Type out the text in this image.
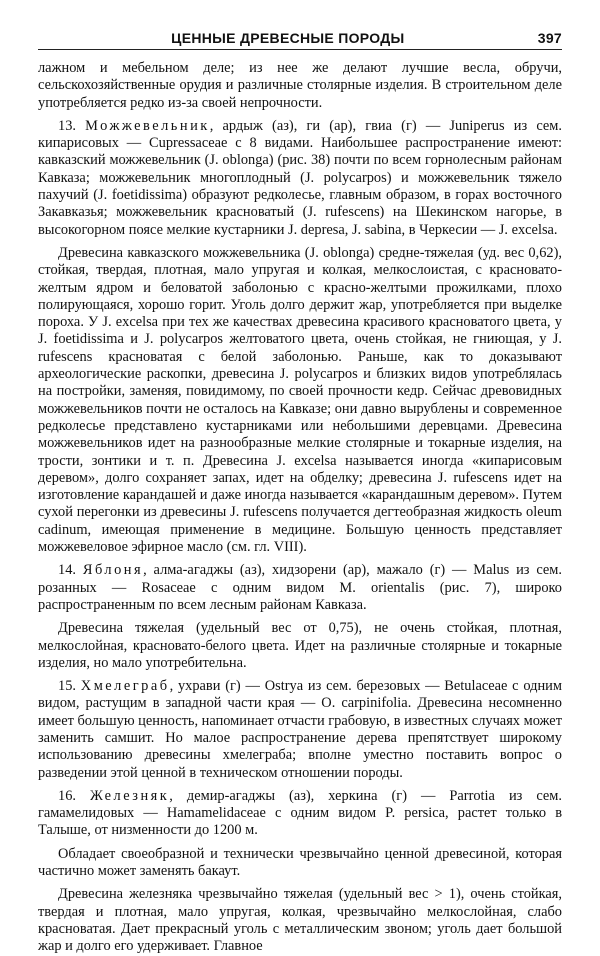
ЦЕННЫЕ ДРЕВЕСНЫЕ ПОРОДЫ	397

лажном и мебельном деле; из нее же делают лучшие весла, обручи, сельскохозяйственные орудия и различные столярные изделия. В строительном деле употребляется редко из-за своей непрочности.

13. Можжевельник, ардыж (аз), ги (ар), гвиа (г) — Juniperus из сем. кипарисовых — Cupressaceae с 8 видами. Наибольшее распространение имеют: кавказский можжевельник (J. oblonga) (рис. 38) почти по всем горнолесным районам Кавказа; можжевельник многоплодный (J. polycarpos) и можжевельник тяжело пахучий (J. foetidissima) образуют редколесье, главным образом, в горах восточного Закавказья; можжевельник красноватый (J. rufescens) на Шекинском нагорье, в высокогорном поясе мелкие кустарники J. depresa, J. sabina, в Черкесии — J. excelsa.

Древесина кавказского можжевельника (J. oblonga) средне-тяжелая (уд. вес 0,62), стойкая, твердая, плотная, мало упругая и колкая, мелкослоистая, с красновато-желтым ядром и беловатой заболонью с красно-желтыми прожилками, плохо полирующаяся, хорошо горит. Уголь долго держит жар, употребляется при выделке пороха. У J. excelsa при тех же качествах древесина красивого красноватого цвета, у J. foetidissima и J. polycarpos желтоватого цвета, очень стойкая, не гниющая, у J. rufescens красноватая с белой заболонью. Раньше, как то доказывают археологические раскопки, древесина J. polycarpos и близких видов употреблялась на постройки, заменяя, повидимому, по своей прочности кедр. Сейчас древовидных можжевельников почти не осталось на Кавказе; они давно вырублены и современное редколесье представлено кустарниками или небольшими деревцами. Древесина можжевельников идет на разнообразные мелкие столярные и токарные изделия, на трости, зонтики и т. п. Древесина J. excelsa называется иногда «кипарисовым деревом», долго сохраняет запах, идет на обделку; древесина J. rufescens идет на изготовление карандашей и даже иногда называется «карандашным деревом». Путем сухой перегонки из древесины J. rufescens получается дегтеобразная жидкость oleum cadinum, имеющая применение в медицине. Большую ценность представляет можжевеловое эфирное масло (см. гл. VIII).

14. Яблоня, алма-агаджы (аз), хидзорени (ар), мажало (г) — Malus из сем. розанных — Rosaceae с одним видом M. orientalis (рис. 7), широко распространенным по всем лесным районам Кавказа.

Древесина тяжелая (удельный вес от 0,75), не очень стойкая, плотная, мелкослойная, красновато-белого цвета. Идет на различные столярные и токарные изделия, но мало употребительна.

15. Хмелеграб, ухрави (г) — Ostrya из сем. березовых — Betulaceae с одним видом, растущим в западной части края — O. carpinifolia. Древесина несомненно имеет большую ценность, напоминает отчасти грабовую, в известных случаях может заменить самшит. Но малое распространение дерева препятствует широкому использованию древесины хмелеграба; вполне уместно поставить вопрос о разведении этой ценной в техническом отношении породы.

16. Железняк, демир-агаджы (аз), херкина (г) — Parrotia из сем. гамамелидовых — Hamamelidaceae с одним видом P. persica, растет только в Талыше, от низменности до 1200 м.

Обладает своеобразной и технически чрезвычайно ценной древесиной, которая частично может заменять бакаут.

Древесина железняка чрезвычайно тяжелая (удельный вес > 1), очень стойкая, твердая и плотная, мало упругая, колкая, чрезвычайно мелкослойная, слабо красноватая. Дает прекрасный уголь с металлическим звоном; уголь дает большой жар и долго его удерживает. Главное
